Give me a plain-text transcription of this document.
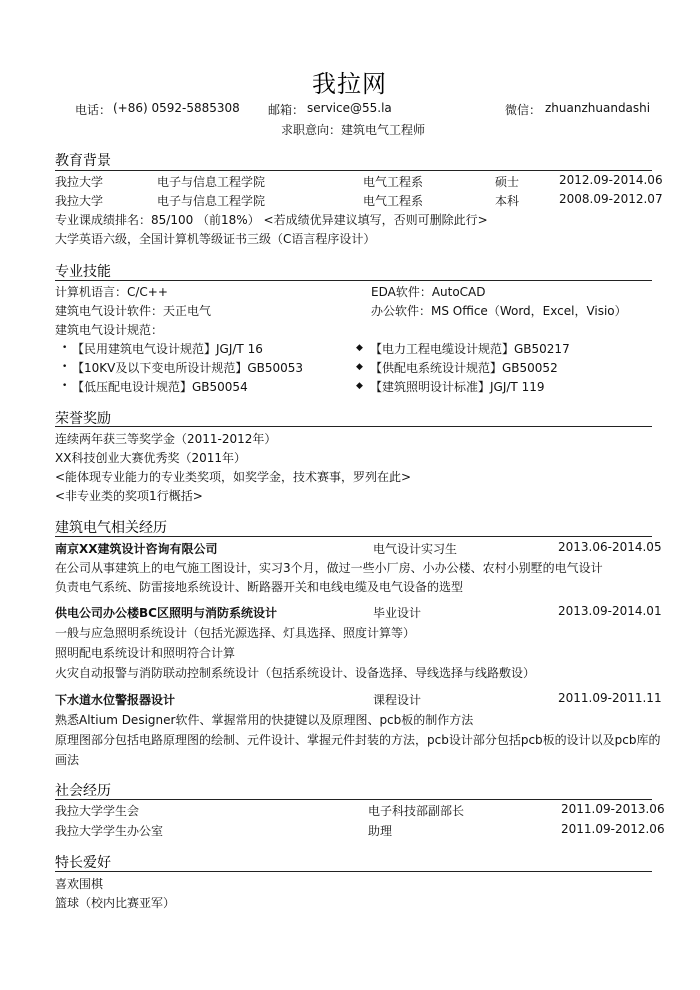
我拉网
电话： (+86) 0592-5885308 邮箱： service@55.la	微信： zhuanzhuandashi
求职意向：建筑电气工程师
教育背景
我拉大学	电子与信息工程学院	电气工程系	硕士	2012.09-2014.06
我拉大学	电子与信息工程学院	电气工程系	本科	2008.09-2012.07
专业课成绩排名：85/100 （前18%） <若成绩优异建议填写，否则可删除此行>
大学英语六级，全国计算机等级证书三级（C语言程序设计）
专业技能
计算机语言：C/C++	EDA软件：AutoCAD
建筑电气设计软件：天正电气	办公软件：MS Office（Word，Excel，Visio）
建筑电气设计规范：
• 【民用建筑电气设计规范】JGJ/T 16
• 【10KV及以下变电所设计规范】GB50053
• 【低压配电设计规范】GB50054
◆ 【电力工程电缆设计规范】GB50217
◆ 【供配电系统设计规范】GB50052
◆ 【建筑照明设计标准】JGJ/T 119
荣誉奖励
连续两年获三等奖学金（2011-2012年）
XX科技创业大赛优秀奖（2011年）
<能体现专业能力的专业类奖项，如奖学金，技术赛事，罗列在此>
<非专业类的奖项1行概括>
建筑电气相关经历
南京XX建筑设计咨询有限公司	电气设计实习生	2013.06-2014.05
在公司从事建筑上的电气施工图设计，实习3个月，做过一些小厂房、小办公楼、农村小别墅的电气设计
负责电气系统、防雷接地系统设计、断路器开关和电线电缆及电气设备的选型
供电公司办公楼BC区照明与消防系统设计	毕业设计	2013.09-2014.01
一般与应急照明系统设计（包括光源选择、灯具选择、照度计算等）
照明配电系统设计和照明符合计算
火灾自动报警与消防联动控制系统设计（包括系统设计、设备选择、导线选择与线路敷设）
下水道水位警报器设计	课程设计	2011.09-2011.11
熟悉Altium Designer软件、掌握常用的快捷键以及原理图、pcb板的制作方法
原理图部分包括电路原理图的绘制、元件设计、掌握元件封装的方法，pcb设计部分包括pcb板的设计以及pcb库的
画法
社会经历
我拉大学学生会	电子科技部副部长	2011.09-2013.06
我拉大学学生办公室	助理	2011.09-2012.06
特长爱好
喜欢围棋
篮球（校内比赛亚军）
